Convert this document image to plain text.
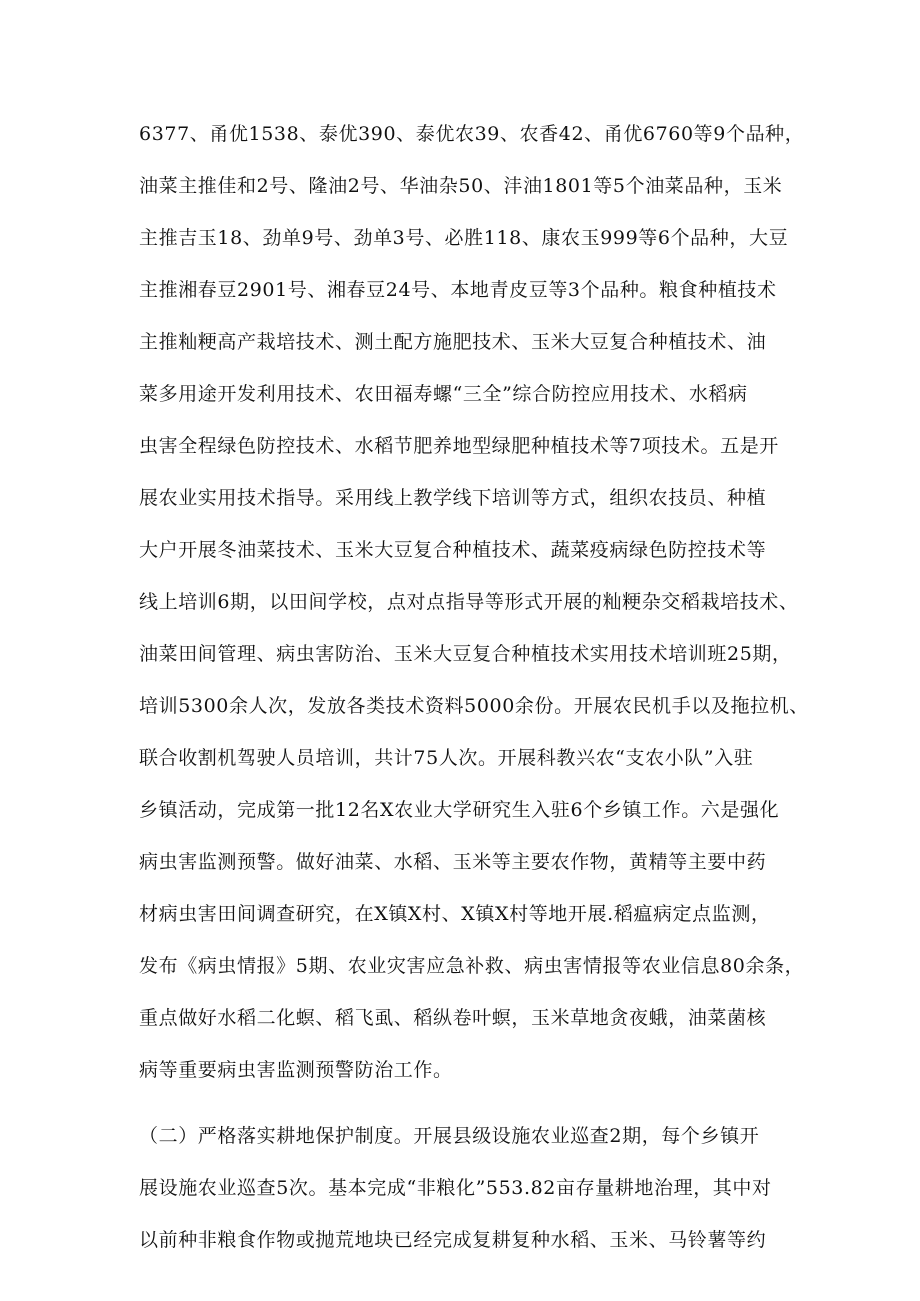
6377、甬优1538、泰优390、泰优农39、农香42、甬优6760等9个品种，
油菜主推佳和2号、隆油2号、华油杂50、沣油1801等5个油菜品种，玉米
主推吉玉18、劲单9号、劲单3号、必胜118、康农玉999等6个品种，大豆
主推湘春豆2901号、湘春豆24号、本地青皮豆等3个品种。粮食种植技术
主推籼粳高产栽培技术、测土配方施肥技术、玉米大豆复合种植技术、油
菜多用途开发利用技术、农田福寿螺“三全”综合防控应用技术、水稻病
虫害全程绿色防控技术、水稻节肥养地型绿肥种植技术等7项技术。五是开
展农业实用技术指导。采用线上教学线下培训等方式，组织农技员、种植
大户开展冬油菜技术、玉米大豆复合种植技术、蔬菜疫病绿色防控技术等
线上培训6期，以田间学校，点对点指导等形式开展的籼粳杂交稻栽培技术、
油菜田间管理、病虫害防治、玉米大豆复合种植技术实用技术培训班25期，
培训5300余人次，发放各类技术资料5000余份。开展农民机手以及拖拉机、
联合收割机驾驶人员培训，共计75人次。开展科教兴农“支农小队”入驻
乡镇活动，完成第一批12名X农业大学研究生入驻6个乡镇工作。六是强化
病虫害监测预警。做好油菜、水稻、玉米等主要农作物，黄精等主要中药
材病虫害田间调查研究，在X镇X村、X镇X村等地开展.稻瘟病定点监测，
发布《病虫情报》5期、农业灾害应急补救、病虫害情报等农业信息80余条，
重点做好水稻二化螟、稻飞虱、稻纵卷叶螟，玉米草地贪夜蛾，油菜菌核
病等重要病虫害监测预警防治工作。
（二）严格落实耕地保护制度。开展县级设施农业巡查2期，每个乡镇开
展设施农业巡查5次。基本完成“非粮化”553.82亩存量耕地治理，其中对
以前种非粮食作物或抛荒地块已经完成复耕复种水稻、玉米、马铃薯等约
